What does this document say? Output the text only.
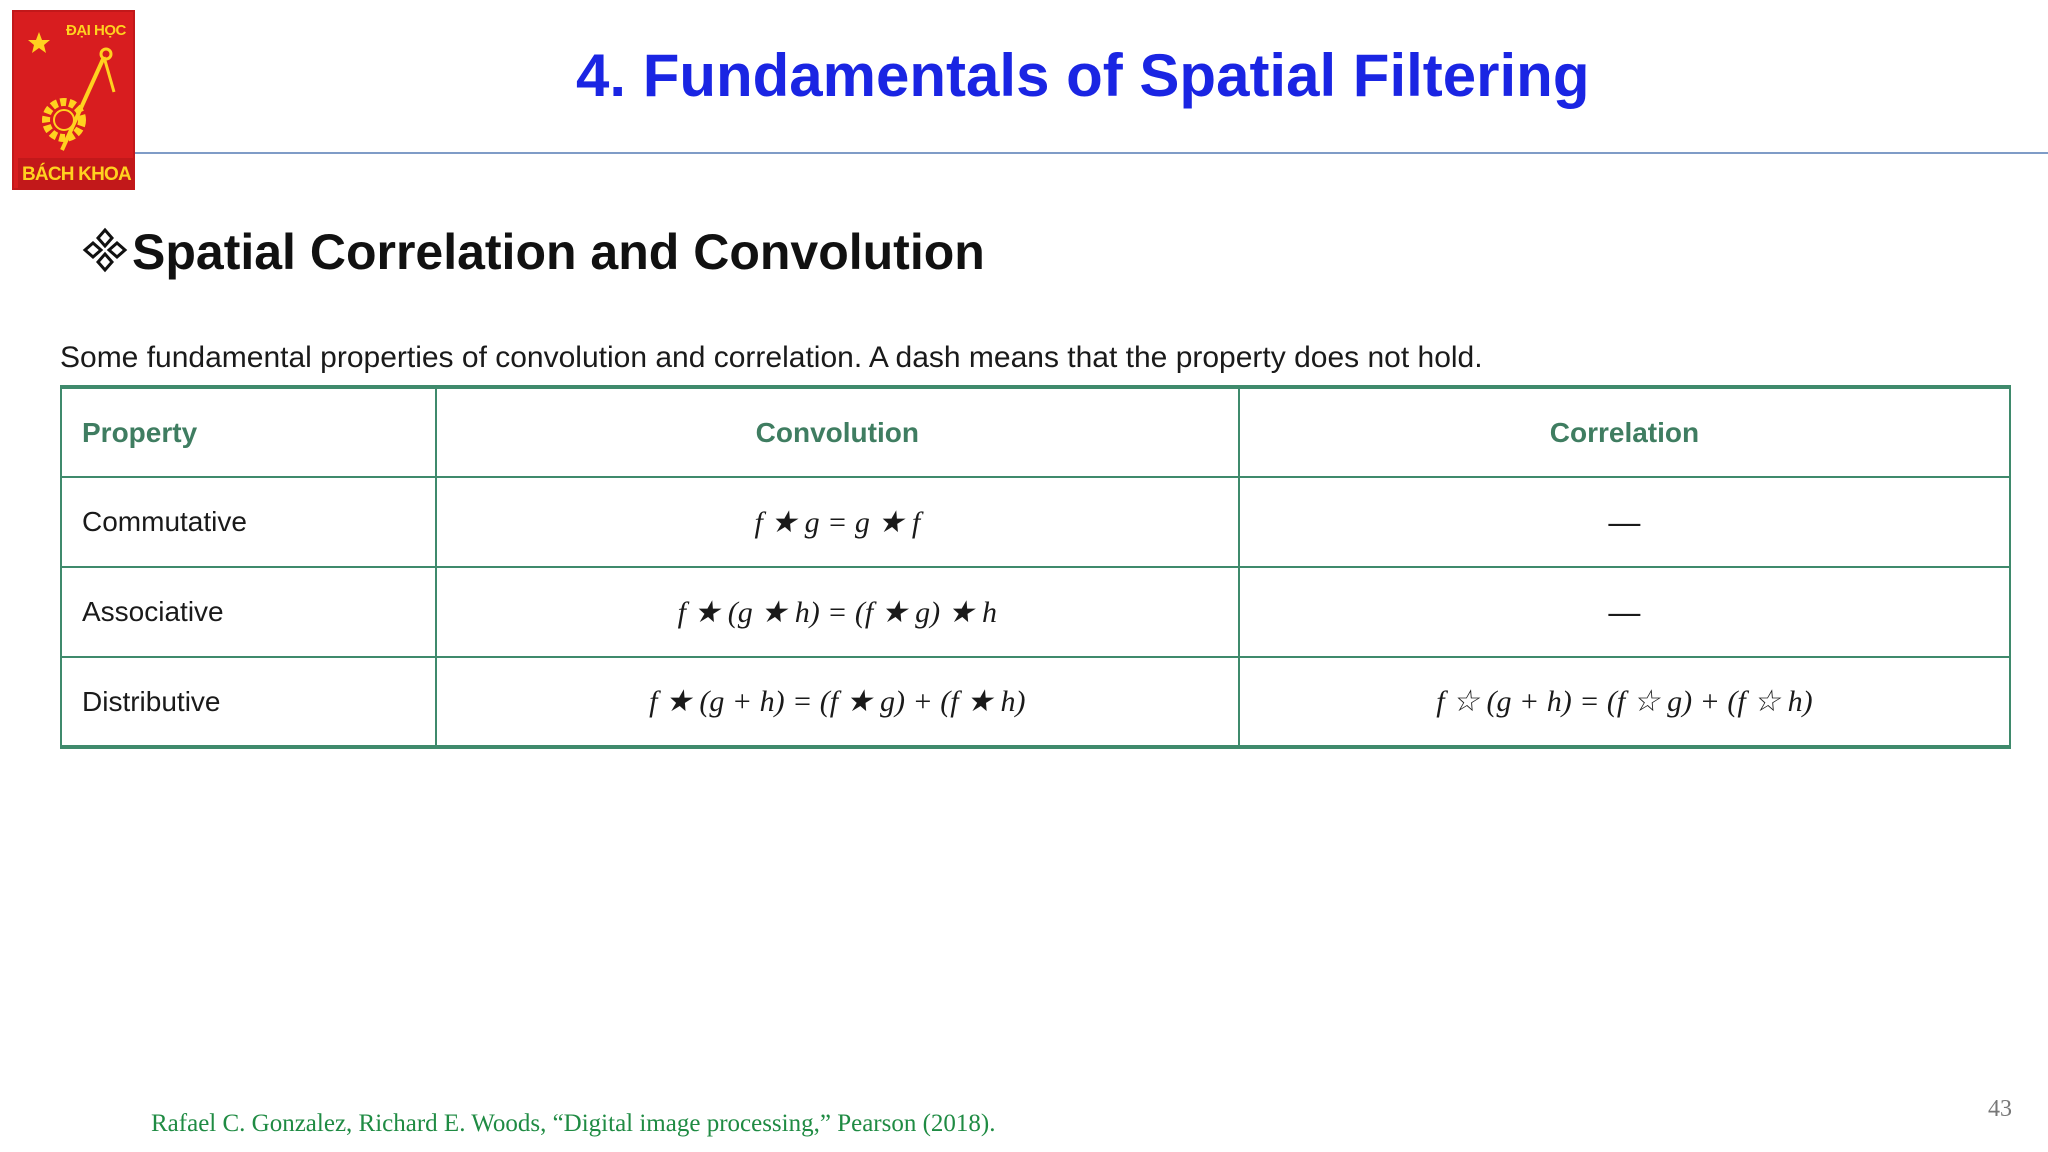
ĐẠI HỌC
BÁCH KHOA
4. Fundamentals of Spatial Filtering
Spatial Correlation and Convolution
Some fundamental properties of convolution and correlation. A dash means that the property does not hold.
Property	Convolution	Correlation
Commutative	f ★ g = g ★ f	—
Associative	f ★ (g ★ h) = (f ★ g) ★ h	—
Distributive	f ★ (g + h) = (f ★ g) + (f ★ h)	f ☆ (g + h) = (f ☆ g) + (f ☆ h)
Rafael C. Gonzalez, Richard E. Woods, “Digital image processing,” Pearson (2018).
43
